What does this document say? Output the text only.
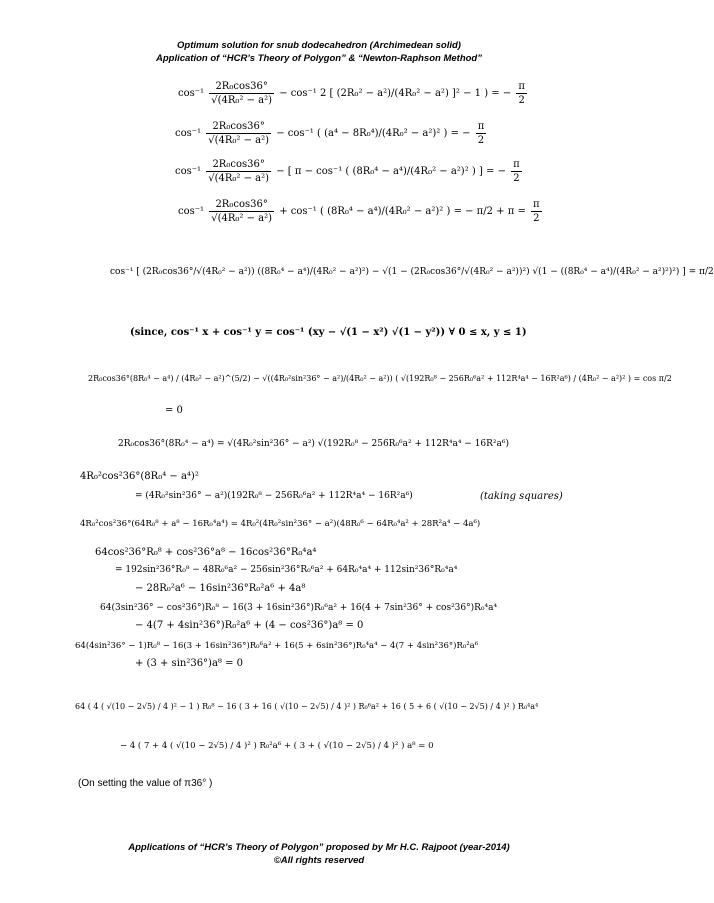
Optimum solution for snub dodecahedron (Archimedean solid)
Application of “HCR’s Theory of Polygon” & “Newton-Raphson Method”
$\cos^{-1} \frac{\text{2R₀cos36°}}{\text{√(4R₀² − a²)}} - \cos^{-1}$ 2 [ (2R₀² − a²)/(4R₀² − a²) ]² − 1 ) = − $\frac{\pi}{2}$
$\cos^{-1} \frac{\text{2R₀cos36°}}{\text{√(4R₀² − a²)}} - \cos^{-1}$ ( (a⁴ − 8R₀⁴)/(4R₀² − a²)² ) = − $\frac{\pi}{2}$
$\cos^{-1} \frac{\text{2R₀cos36°}}{\text{√(4R₀² − a²)}}$ − [ π − cos⁻¹ ( (8R₀⁴ − a⁴)/(4R₀² − a²)² ) ] = − $\frac{\pi}{2}$
$\cos^{-1} \frac{\text{2R₀cos36°}}{\text{√(4R₀² − a²)}} + \cos^{-1}$ ( (8R₀⁴ − a⁴)/(4R₀² − a²)² ) = − $\pi/2 + \pi = \frac{\pi}{2}$
cos⁻¹ [ (2R₀cos36°/√(4R₀² − a²)) ((8R₀⁴ − a⁴)/(4R₀² − a²)²) − √(1 − (2R₀cos36°/√(4R₀² − a²))²) √(1 − ((8R₀⁴ − a⁴)/(4R₀² − a²)²)²) ] = π/2
(since, cos⁻¹ x + cos⁻¹ y = cos⁻¹ (xy − √(1 − x²) √(1 − y²)) ∀ 0 ≤ x, y ≤ 1)
2R₀cos36°(8R₀⁴ − a⁴) / (4R₀² − a²)^(5/2) − √((4R₀²sin²36° − a²)/(4R₀² − a²)) ( √(192R₀⁸ − 256R₀⁶a² + 112R⁴a⁴ − 16R²a⁶) / (4R₀² − a²)² ) = cos π/2
= 0
2R₀cos36°(8R₀⁴ − a⁴) = √(4R₀²sin²36° − a²) √(192R₀⁸ − 256R₀⁶a² + 112R⁴a⁴ − 16R²a⁶)
4R₀²cos²36°(8R₀⁴ − a⁴)²
= (4R₀²sin²36° − a²)(192R₀⁸ − 256R₀⁶a² + 112R⁴a⁴ − 16R²a⁶)	(taking squares)
4R₀²cos²36°(64R₀⁸ + a⁸ − 16R₀⁴a⁴) = 4R₀²(4R₀²sin²36° − a²)(48R₀⁶ − 64R₀⁴a² + 28R²a⁴ − 4a⁶)
64cos²36°R₀⁸ + cos²36°a⁸ − 16cos²36°R₀⁴a⁴
= 192sin²36°R₀⁸ − 48R₀⁶a² − 256sin²36°R₀⁶a² + 64R₀⁴a⁴ + 112sin²36°R₀⁴a⁴
− 28R₀²a⁶ − 16sin²36°R₀²a⁶ + 4a⁸
64(3sin²36° − cos²36°)R₀⁸ − 16(3 + 16sin²36°)R₀⁶a² + 16(4 + 7sin²36° + cos²36°)R₀⁴a⁴
− 4(7 + 4sin²36°)R₀²a⁶ + (4 − cos²36°)a⁸ = 0
64(4sin²36° − 1)R₀⁸ − 16(3 + 16sin²36°)R₀⁶a² + 16(5 + 6sin²36°)R₀⁴a⁴ − 4(7 + 4sin²36°)R₀²a⁶
+ (3 + sin²36°)a⁸ = 0
64 ( 4 ( √(10 − 2√5) / 4 )² − 1 ) R₀⁸ − 16 ( 3 + 16 ( √(10 − 2√5) / 4 )² ) R₀⁶a² + 16 ( 5 + 6 ( √(10 − 2√5) / 4 )² ) R₀⁴a⁴
− 4 ( 7 + 4 ( √(10 − 2√5) / 4 )² ) R₀²a⁶ + ( 3 + ( √(10 − 2√5) / 4 )² ) a⁸ = 0
(On setting the value of π36° )
Applications of “HCR’s Theory of Polygon” proposed by Mr H.C. Rajpoot (year-2014)
©All rights reserved
